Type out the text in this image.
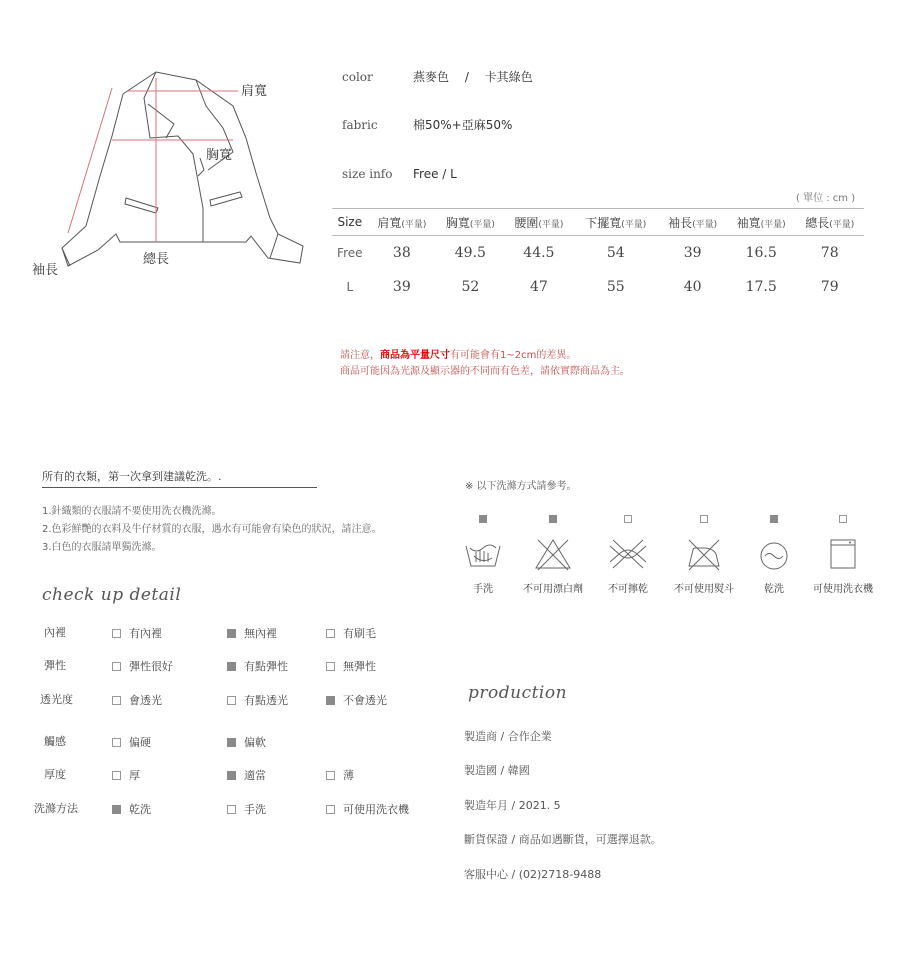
肩寬
胸寬
總長
袖長
color	燕麥色　 /　 卡其綠色
fabric	棉50%+亞麻50%
size info Free / L
( 單位 : cm )
Size	肩寬(平量)	胸寬(平量)	腰圍(平量)	下擺寬(平量)	袖長(平量)	袖寬(平量)	總長(平量)
Free	38	49.5	44.5	54	39	16.5	78
L	39	52	47	55	40	17.5	79
請注意，商品為平量尺寸有可能會有1~2cm的差異。
商品可能因為光源及顯示器的不同而有色差，請依實際商品為主。
所有的衣類，第一次拿到建議乾洗。.
1.針織類的衣服請不要使用洗衣機洗滌。
2.色彩鮮艷的衣料及牛仔材質的衣服，遇水有可能會有染色的狀況，請注意。
3.白色的衣服請單獨洗滌。
check up detail
內裡	有內裡	無內裡	有刷毛
彈性	彈性很好	有點彈性	無彈性
透光度	會透光	有點透光	不會透光
觸感	偏硬	偏軟
厚度	厚	適當	薄
洗滌方法	乾洗	手洗	可使用洗衣機
※ 以下洗滌方式請參考。
手洗	不可用漂白劑	不可擰乾	不可使用熨斗	乾洗	可使用洗衣機
production
製造商 / 合作企業
製造國 / 韓國
製造年月 / 2021. 5
斷貨保證 / 商品如遇斷貨，可選擇退款。
客服中心 / (02)2718-9488
